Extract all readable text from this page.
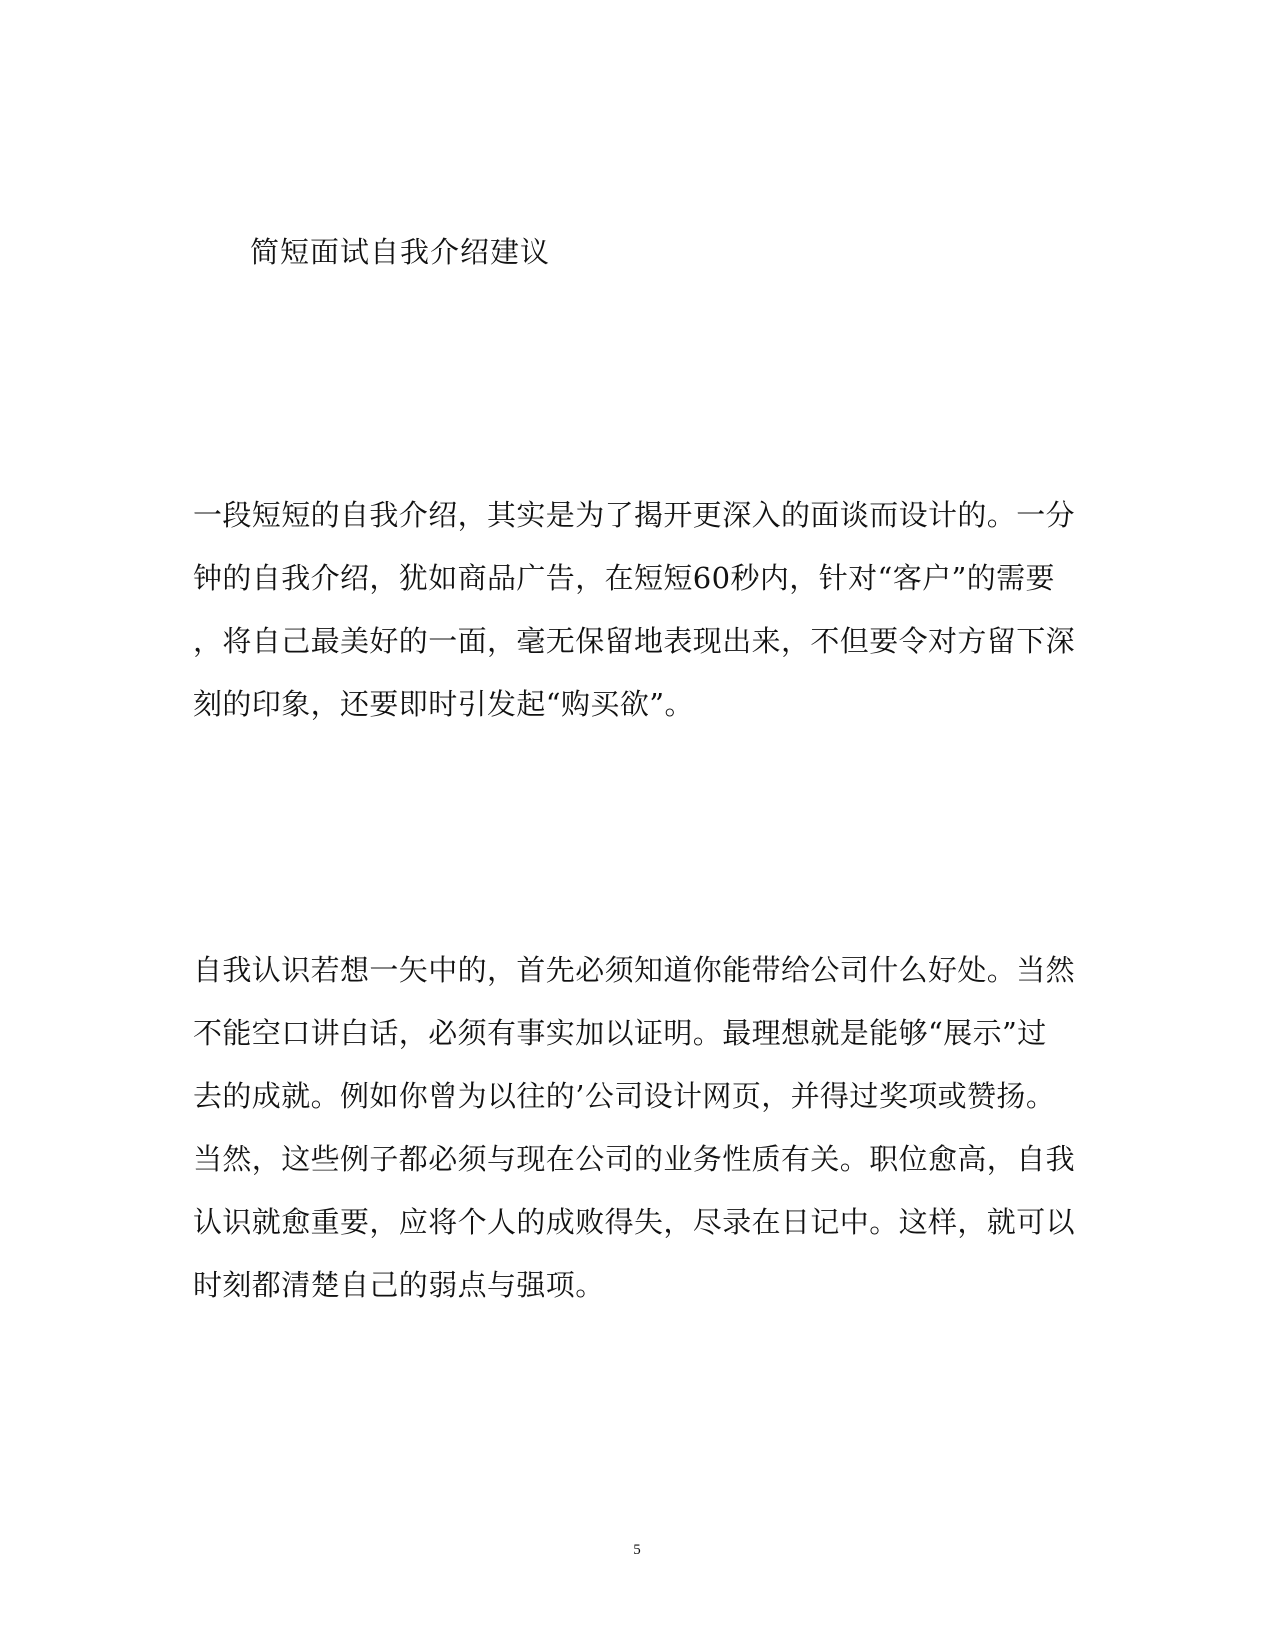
简短面试自我介绍建议
一段短短的自我介绍，其实是为了揭开更深入的面谈而设计的。一分
钟的自我介绍，犹如商品广告，在短短60秒内，针对“客户”的需要
，将自己最美好的一面，毫无保留地表现出来，不但要令对方留下深
刻的印象，还要即时引发起“购买欲”。
自我认识若想一矢中的，首先必须知道你能带给公司什么好处。当然
不能空口讲白话，必须有事实加以证明。最理想就是能够“展示”过
去的成就。例如你曾为以往的’公司设计网页，并得过奖项或赞扬。
当然，这些例子都必须与现在公司的业务性质有关。职位愈高，自我
认识就愈重要，应将个人的成败得失，尽录在日记中。这样，就可以
时刻都清楚自己的弱点与强项。
5
